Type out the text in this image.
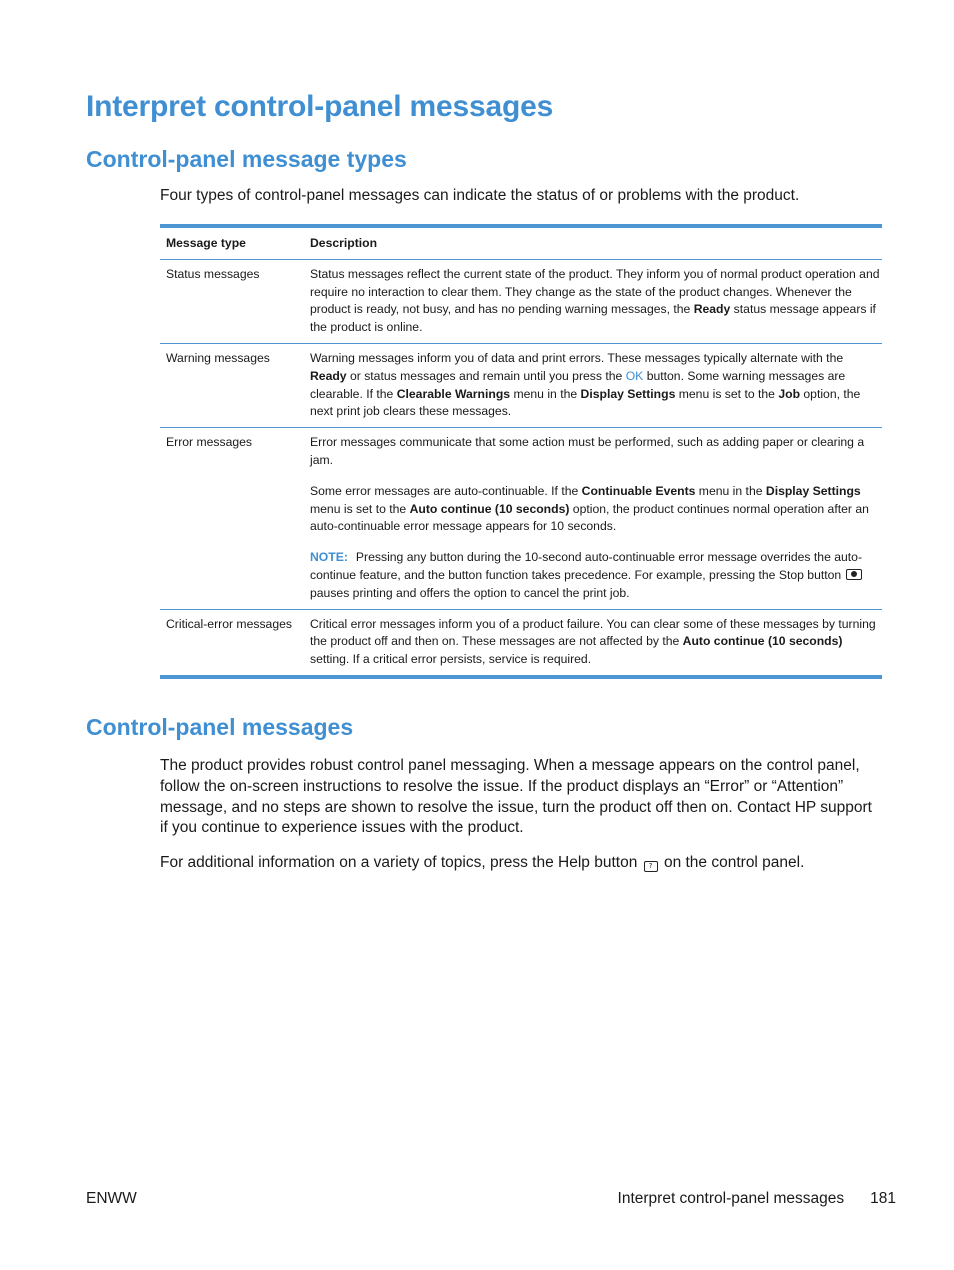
Interpret control-panel messages
Control-panel message types

Four types of control-panel messages can indicate the status of or problems with the product.

Message type	Description
Status messages	Status messages reflect the current state of the product. They inform you of normal product operation and require no interaction to clear them. They change as the state of the product changes. Whenever the product is ready, not busy, and has no pending warning messages, the Ready status message appears if the product is online.

Warning messages	Warning messages inform you of data and print errors. These messages typically alternate with the Ready or status messages and remain until you press the OK button. Some warning messages are clearable. If the Clearable Warnings menu in the Display Settings menu is set to the Job option, the next print job clears these messages.

Error messages	Error messages communicate that some action must be performed, such as adding paper or clearing a jam.

Some error messages are auto-continuable. If the Continuable Events menu in the Display Settings menu is set to the Auto continue (10 seconds) option, the product continues normal operation after an auto-continuable error message appears for 10 seconds.

NOTE: Pressing any button during the 10-second auto-continuable error message overrides the auto-continue feature, and the button function takes precedence. For example, pressing the Stop button  pauses printing and offers the option to cancel the print job.

Critical-error messages	Critical error messages inform you of a product failure. You can clear some of these messages by turning the product off and then on. These messages are not affected by the Auto continue (10 seconds) setting. If a critical error persists, service is required.

Control-panel messages

The product provides robust control panel messaging. When a message appears on the control panel, follow the on-screen instructions to resolve the issue. If the product displays an “Error” or “Attention” message, and no steps are shown to resolve the issue, turn the product off then on. Contact HP support if you continue to experience issues with the product.

For additional information on a variety of topics, press the Help button ? on the control panel.

ENWW	Interpret control-panel messages 181
